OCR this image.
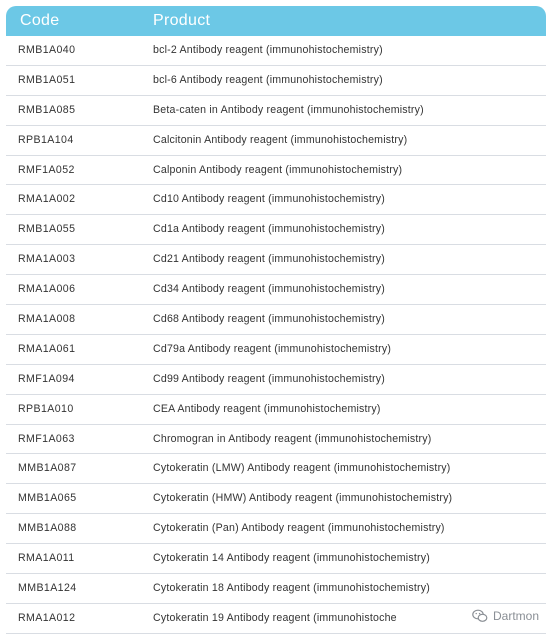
Code	Product
RMB1A040	bcl-2 Antibody reagent (immunohistochemistry)
RMB1A051	bcl-6 Antibody reagent (immunohistochemistry)
RMB1A085	Beta-caten in Antibody reagent (immunohistochemistry)
RPB1A104	Calcitonin Antibody reagent (immunohistochemistry)
RMF1A052	Calponin Antibody reagent (immunohistochemistry)
RMA1A002	Cd10 Antibody reagent (immunohistochemistry)
RMB1A055	Cd1a Antibody reagent (immunohistochemistry)
RMA1A003	Cd21 Antibody reagent (immunohistochemistry)
RMA1A006	Cd34 Antibody reagent (immunohistochemistry)
RMA1A008	Cd68 Antibody reagent (immunohistochemistry)
RMA1A061	Cd79a Antibody reagent (immunohistochemistry)
RMF1A094	Cd99 Antibody reagent (immunohistochemistry)
RPB1A010	CEA Antibody reagent (immunohistochemistry)
RMF1A063	Chromogran in Antibody reagent (immunohistochemistry)
MMB1A087	Cytokeratin (LMW) Antibody reagent (immunohistochemistry)
MMB1A065	Cytokeratin (HMW) Antibody reagent (immunohistochemistry)
MMB1A088	Cytokeratin (Pan) Antibody reagent (immunohistochemistry)
RMA1A011	Cytokeratin 14 Antibody reagent (immunohistochemistry)
MMB1A124	Cytokeratin 18 Antibody reagent (immunohistochemistry)
RMA1A012	Cytokeratin 19 Antibody reagent (immunohistoche	Dartmon
